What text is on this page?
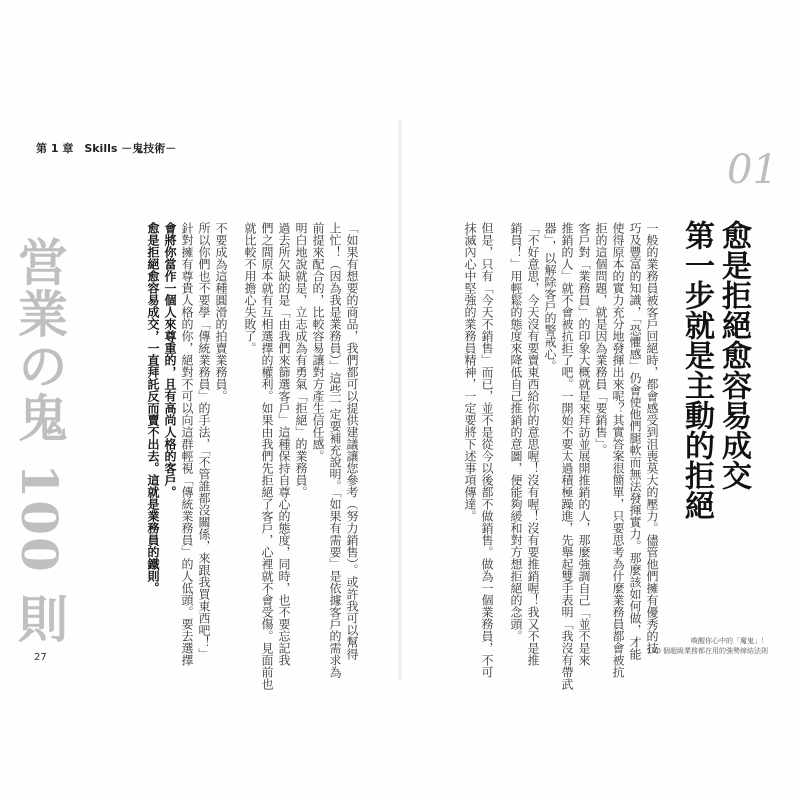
第 1 章　Skills －鬼技術－	01
営業の鬼 100 則	愈是拒絕愈容易成交
第一步就是主動的拒絕
一般的業務員被客戶回絕時，都會感受到沮喪莫大的壓力。儘管他們擁有優秀的技
巧及豐富的知識，「恐懼感」仍會使他們腿軟而無法發揮實力。那麼該如何做，才能
使得原本的實力充分地發揮出來呢？其實答案很簡單，只要思考為什麼業務員都會被抗
拒的這個問題，就是因為業務員「要銷售」。
客戶對「業務員」的印象大概就是來拜訪並展開推銷的人，那麼強調自己「並不是來
推銷的人」就不會被抗拒了吧。一開始不要太過積極躁進，先舉起雙手表明「我沒有帶武
器」，以解除客戶的警戒心。
「不好意思，今天沒有要賣東西給你的意思喔！沒有喔！沒有要推銷喔！我又不是推
銷員！」用輕鬆的態度來降低自己推銷的意圖，便能夠緩和對方想拒絕的念頭。
但是，只有「今天不銷售」而已，並不是從今以後都不做銷售。做為一個業務員，不可
抹滅內心中堅強的業務員精神，一定要將下述事項傳達。
「如果有想要的商品，我們都可以提供建議讓您參考（努力銷售）。或許我可以幫得
上忙！（因為我是業務員）」這些一定要補充說明。「如果有需要」是依據客戶的需求為
前提來配合的，比較容易讓對方產生信任感。
明白地說就是，立志成為有勇氣「拒絕」的業務員。
過去所欠缺的是「由我們來篩選客戶」這種保持自尊心的態度，同時，也不要忘記我
們之間原本就有互相選擇的權利。如果由我們先拒絕了客戶，心裡就不會受傷。見面前也
就比較不用擔心失敗了。
不要成為這種圓滑的拍賣業務員。
所以你們也不要學「傳統業務員」的手法，「不管誰都沒關係，來跟我買東西吧！」
針對擁有尊貴人格的你，絕對不可以向這群輕視「傳統業務員」的人低頭。要去選擇
會將你當作一個人來尊重的，且有高尚人格的客戶。
愈是拒絕愈容易成交，一直拜託反而賣不出去。這就是業務員的鐵則。
27
喚醒你心中的「魔鬼」！
100 個超級業務都在用的強勢締結法則
